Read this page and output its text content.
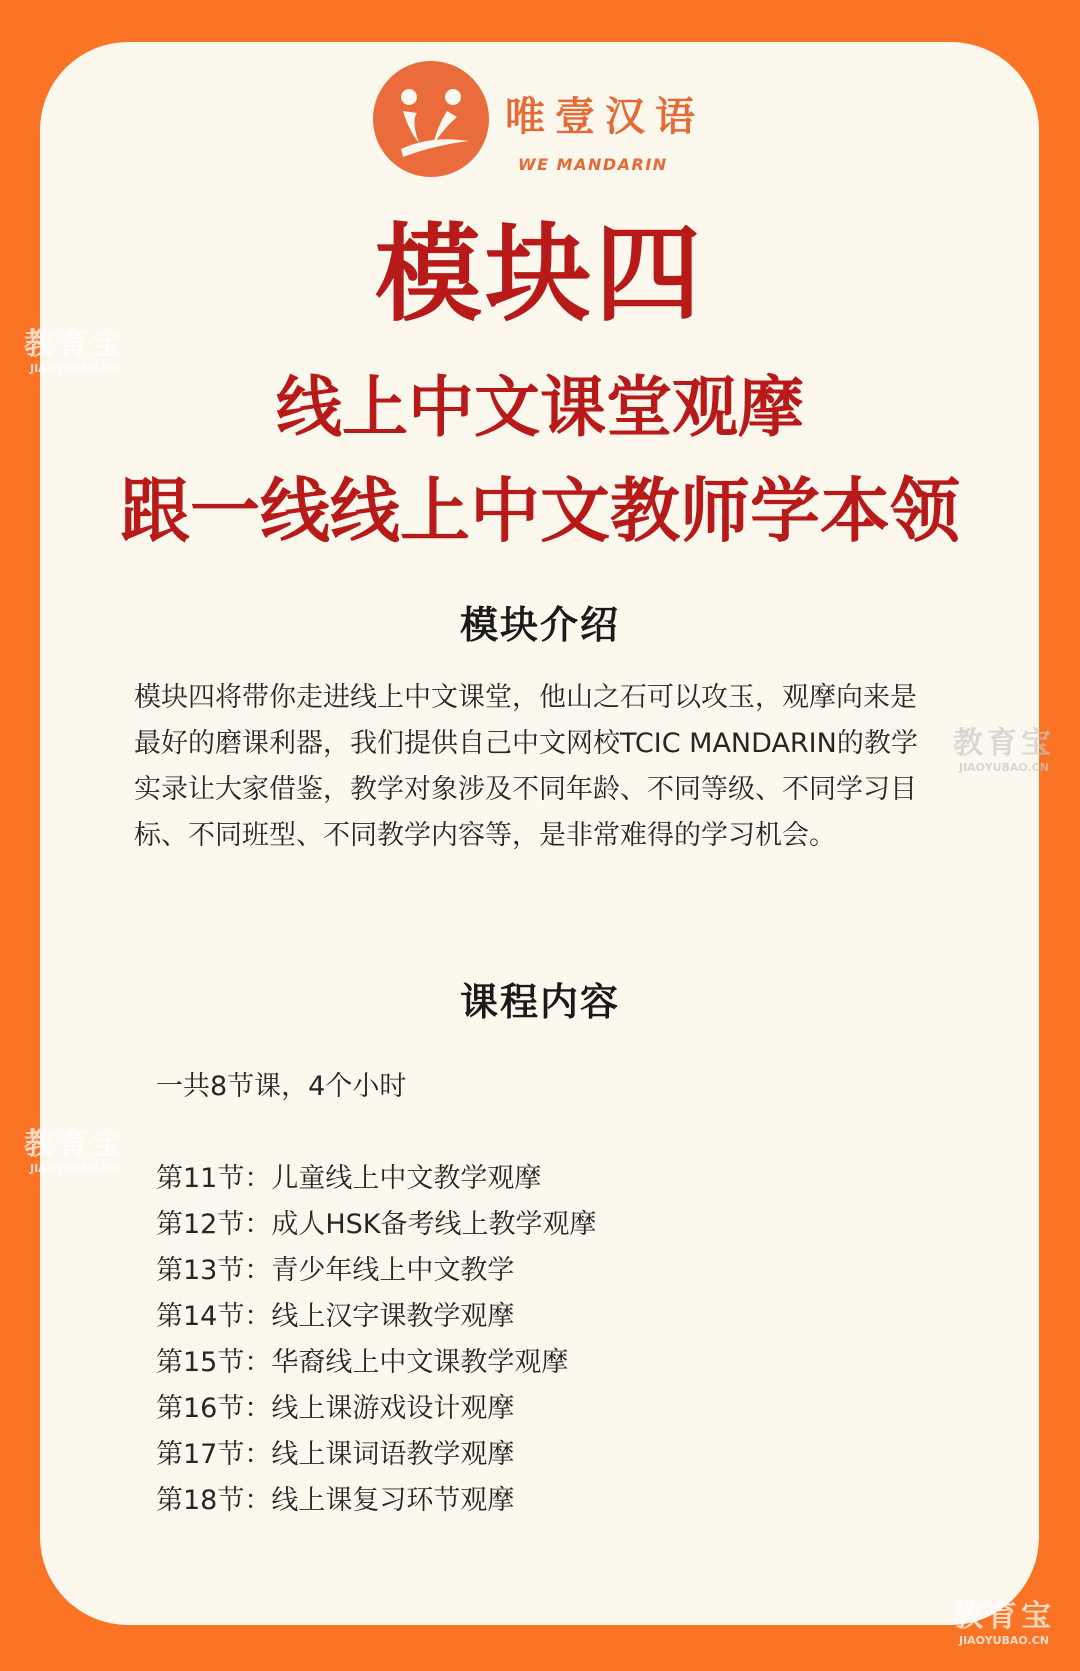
唯壹汉语
WE MANDARIN
模块四
线上中文课堂观摩
跟一线线上中文教师学本领
模块介绍

模块四将带你走进线上中文课堂，他山之石可以攻玉，观摩向来是最好的磨课利器，我们提供自己中文网校TCIC MANDARIN的教学实录让大家借鉴，教学对象涉及不同年龄、不同等级、不同学习目标、不同班型、不同教学内容等，是非常难得的学习机会。

课程内容
一共8节课，4个小时
第11节：儿童线上中文教学观摩
第12节：成人HSK备考线上教学观摩
第13节：青少年线上中文教学
第14节：线上汉字课教学观摩
第15节：华裔线上中文课教学观摩
第16节：线上课游戏设计观摩
第17节：线上课词语教学观摩
第18节：线上课复习环节观摩
教育宝
JIAOYUBAO.CN
教育宝
JIAOYUBAO.CN
教育宝
JIAOYUBAO.CN
教育宝
JIAOYUBAO.CN
